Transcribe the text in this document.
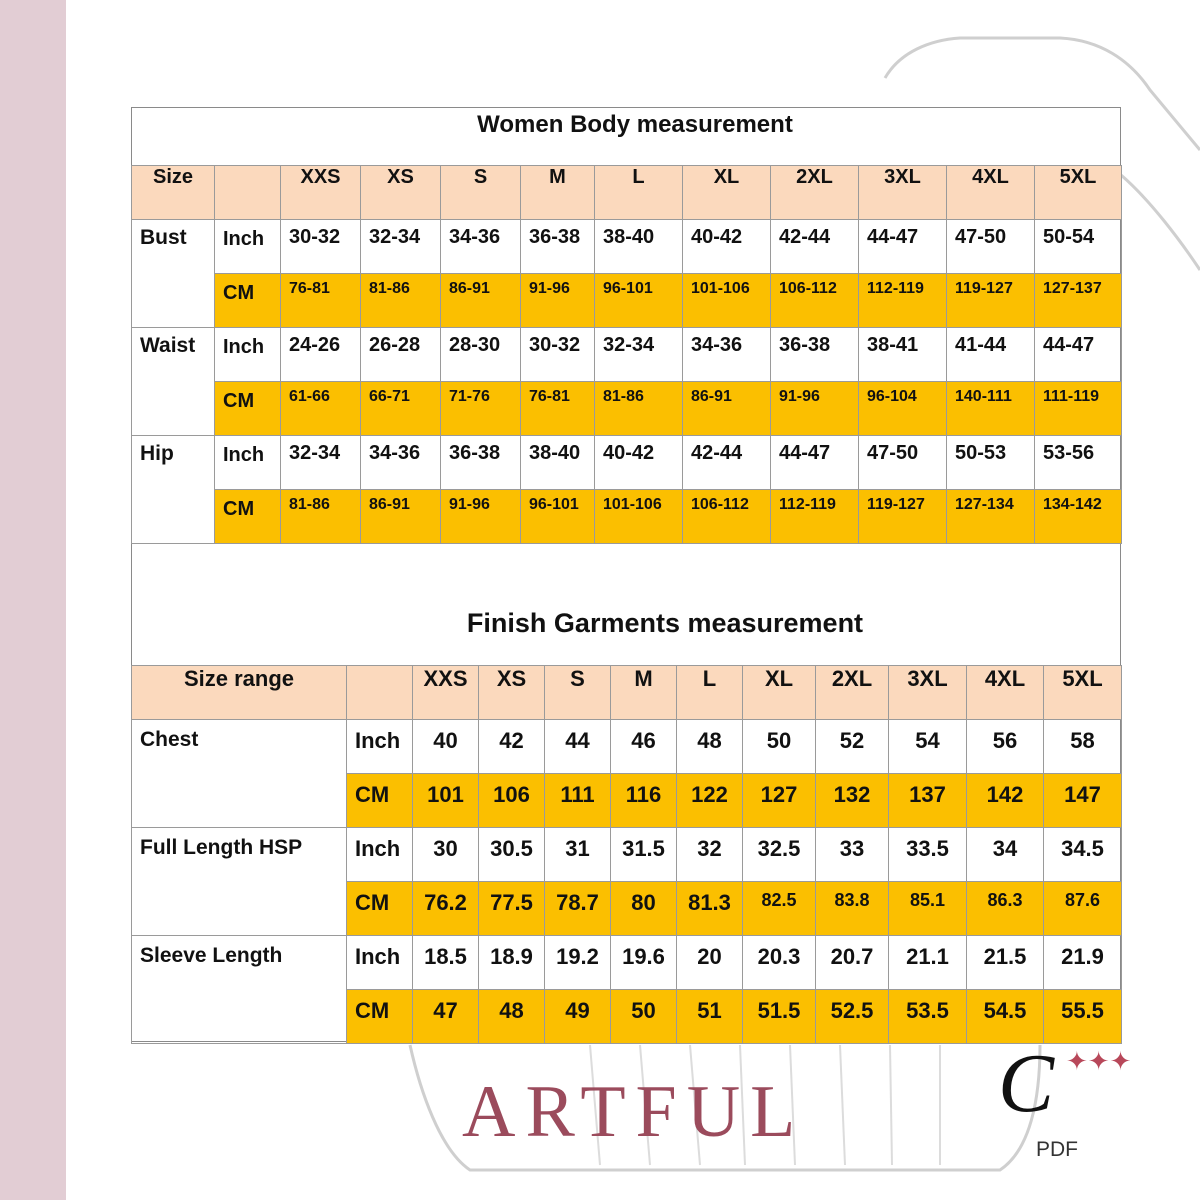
Women Body measurement
Size		XXS	XS	S	M	L	XL	2XL	3XL	4XL	5XL
Bust	Inch	30-32	32-34	34-36	36-38	38-40	40-42	42-44	44-47	47-50	50-54
	CM	76-81	81-86	86-91	91-96	96-101	101-106	106-112	112-119	119-127	127-137
Waist	Inch	24-26	26-28	28-30	30-32	32-34	34-36	36-38	38-41	41-44	44-47
	CM	61-66	66-71	71-76	76-81	81-86	86-91	91-96	96-104	140-111	111-119
Hip	Inch	32-34	34-36	36-38	38-40	40-42	42-44	44-47	47-50	50-53	53-56
	CM	81-86	86-91	91-96	96-101	101-106	106-112	112-119	119-127	127-134	134-142
Finish Garments measurement
Size range		XXS	XS	S	M	L	XL	2XL	3XL	4XL	5XL
Chest	Inch	40	42	44	46	48	50	52	54	56	58
	CM	101	106	111	116	122	127	132	137	142	147
Full Length HSP	Inch	30	30.5	31	31.5	32	32.5	33	33.5	34	34.5
	CM	76.2	77.5	78.7	80	81.3	82.5	83.8	85.1	86.3	87.6
Sleeve Length	Inch	18.5	18.9	19.2	19.6	20	20.3	20.7	21.1	21.5	21.9
	CM	47	48	49	50	51	51.5	52.5	53.5	54.5	55.5
ARTFUL C ✦✦✦
PDF
